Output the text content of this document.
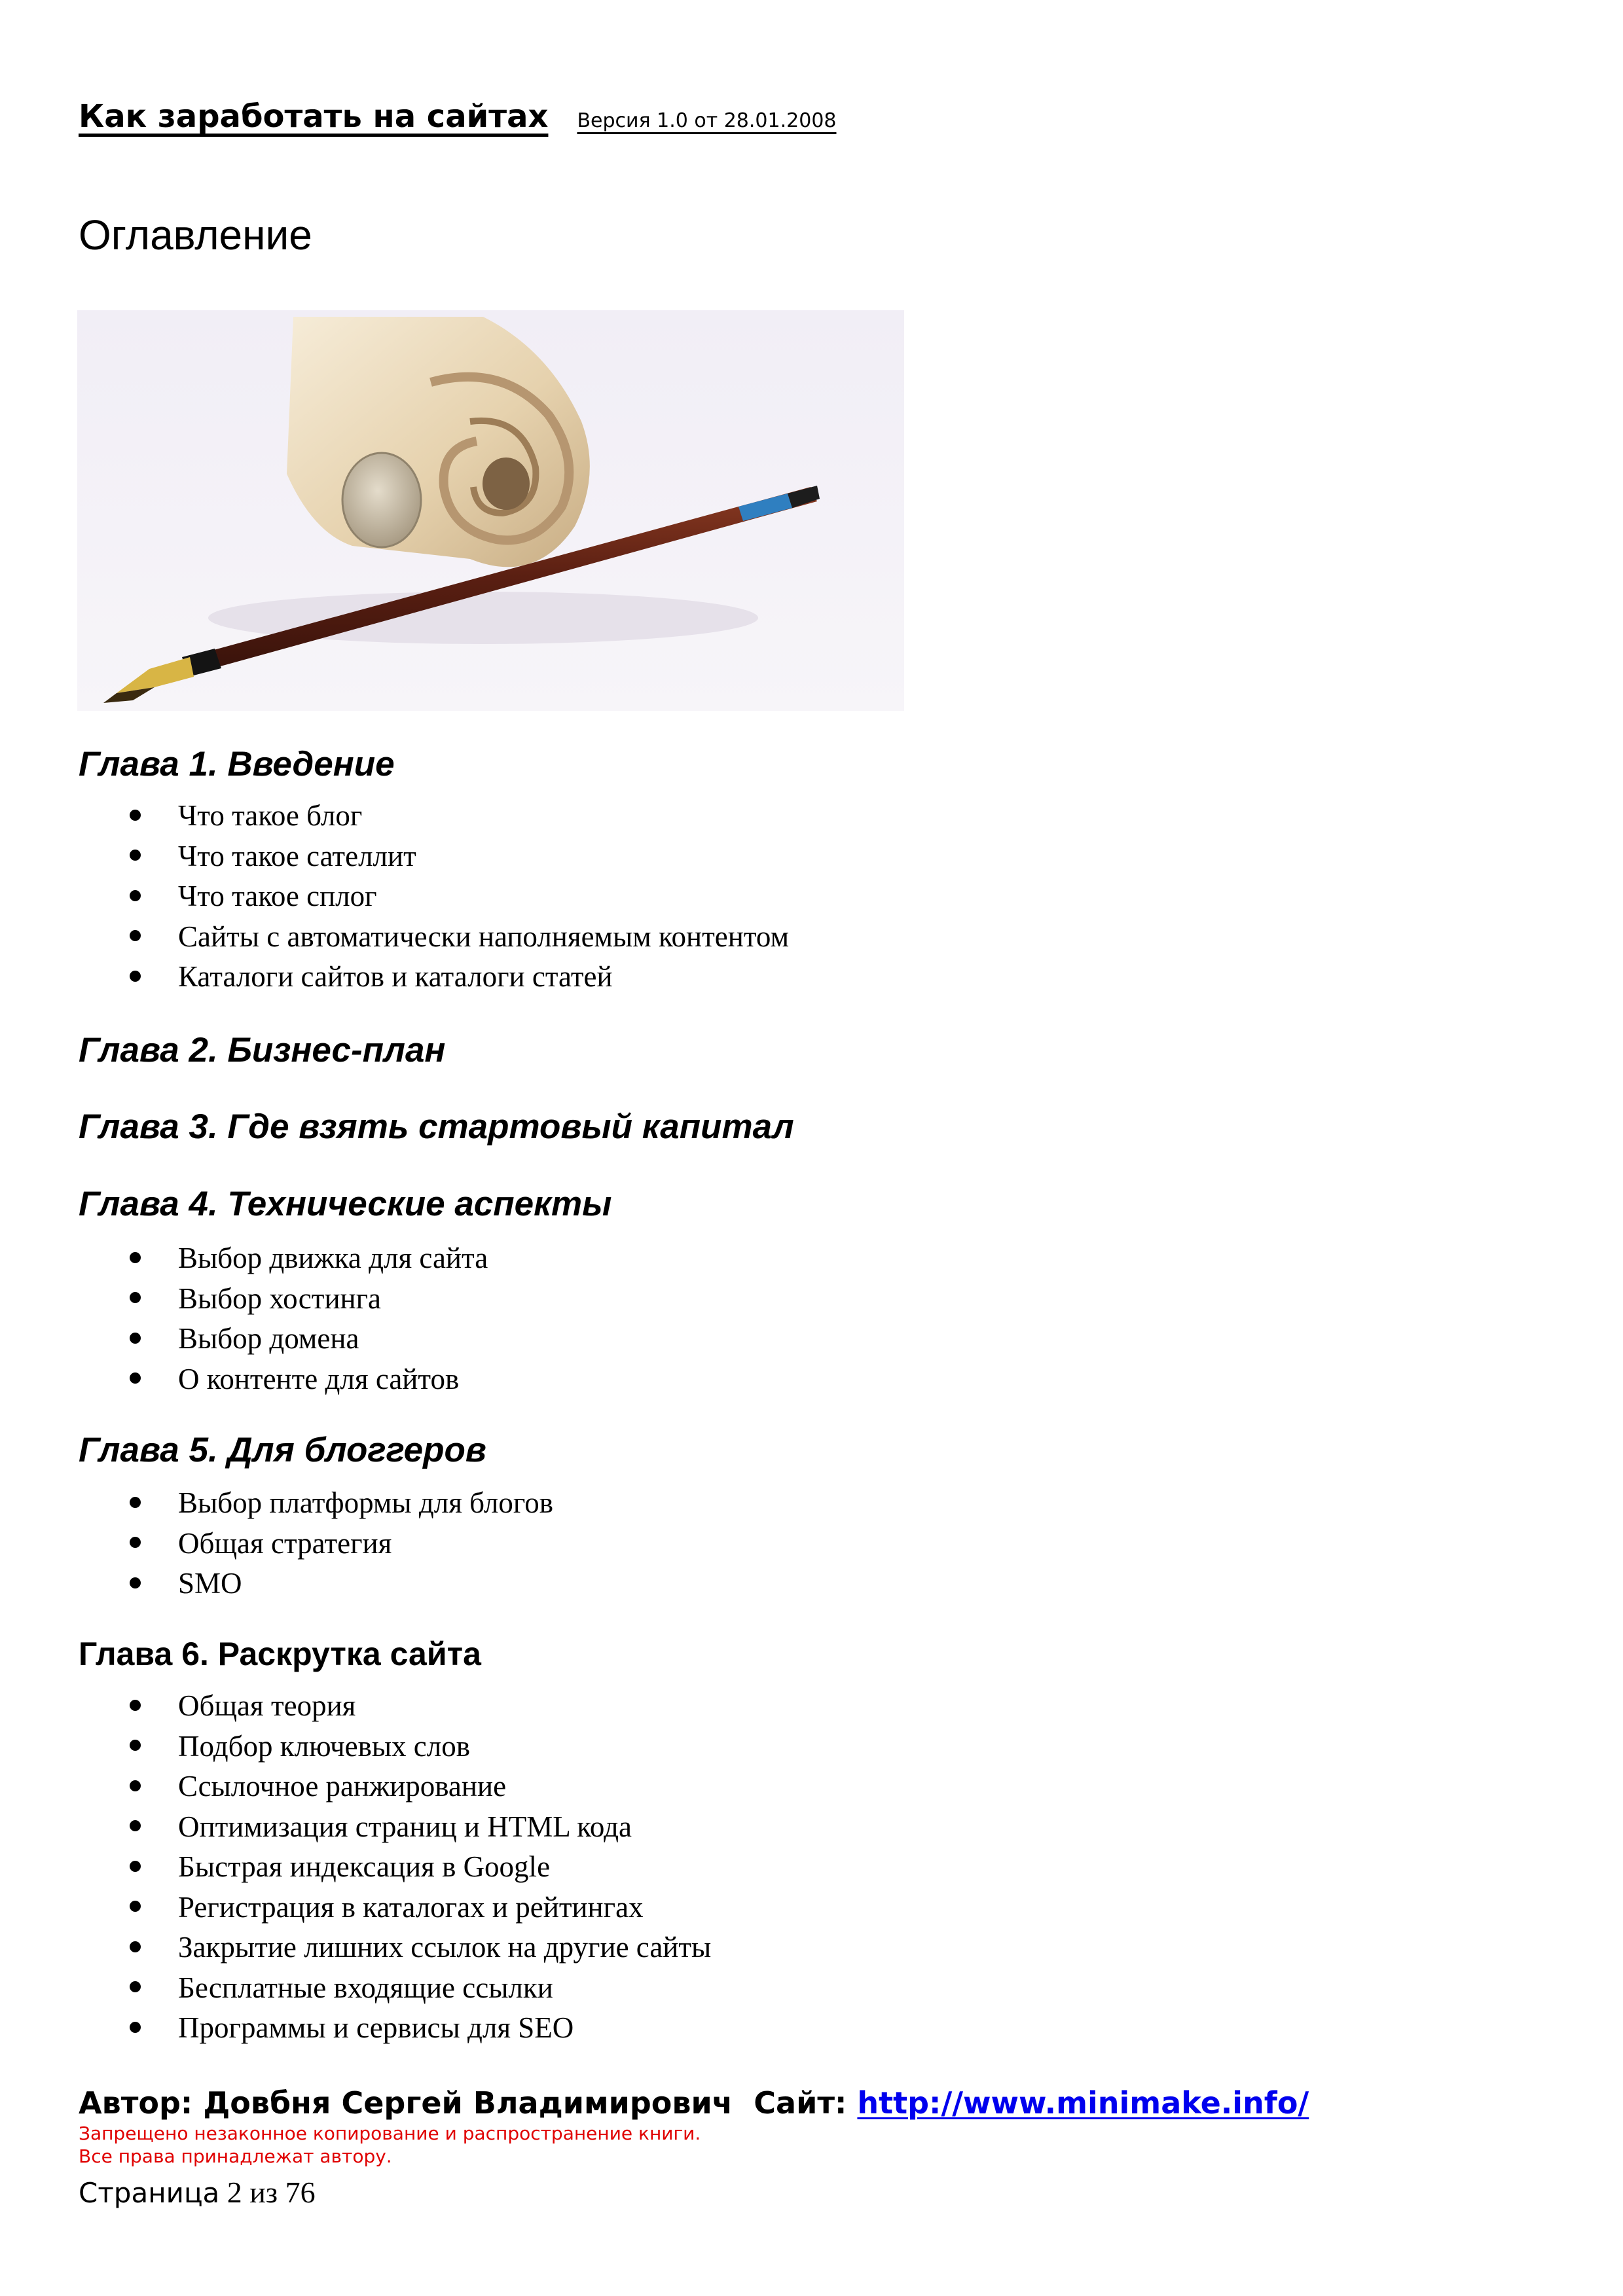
Как заработать на сайтах Версия 1.0 от 28.01.2008
Оглавление
Глава 1. Введение
Что такое блог
Что такое сателлит
Что такое сплог
Сайты с автоматически наполняемым контентом
Каталоги сайтов и каталоги статей
Глава 2. Бизнес-план
Глава 3. Где взять стартовый капитал
Глава 4. Технические аспекты
Выбор движка для сайта
Выбор хостинга
Выбор домена
О контенте для сайтов
Глава 5. Для блоггеров
Выбор платформы для блогов
Общая стратегия
SMO
Глава 6. Раскрутка сайта
Общая теория
Подбор ключевых слов
Ссылочное ранжирование
Оптимизация страниц и HTML кода
Быстрая индексация в Google
Регистрация в каталогах и рейтингах
Закрытие лишних ссылок на другие сайты
Бесплатные входящие ссылки
Программы и сервисы для SEO
Автор: Довбня Сергей Владимирович Сайт: http://www.minimake.info/
Запрещено незаконное копирование и распространение книги.
Все права принадлежат автору.
Страница 2 из 76
